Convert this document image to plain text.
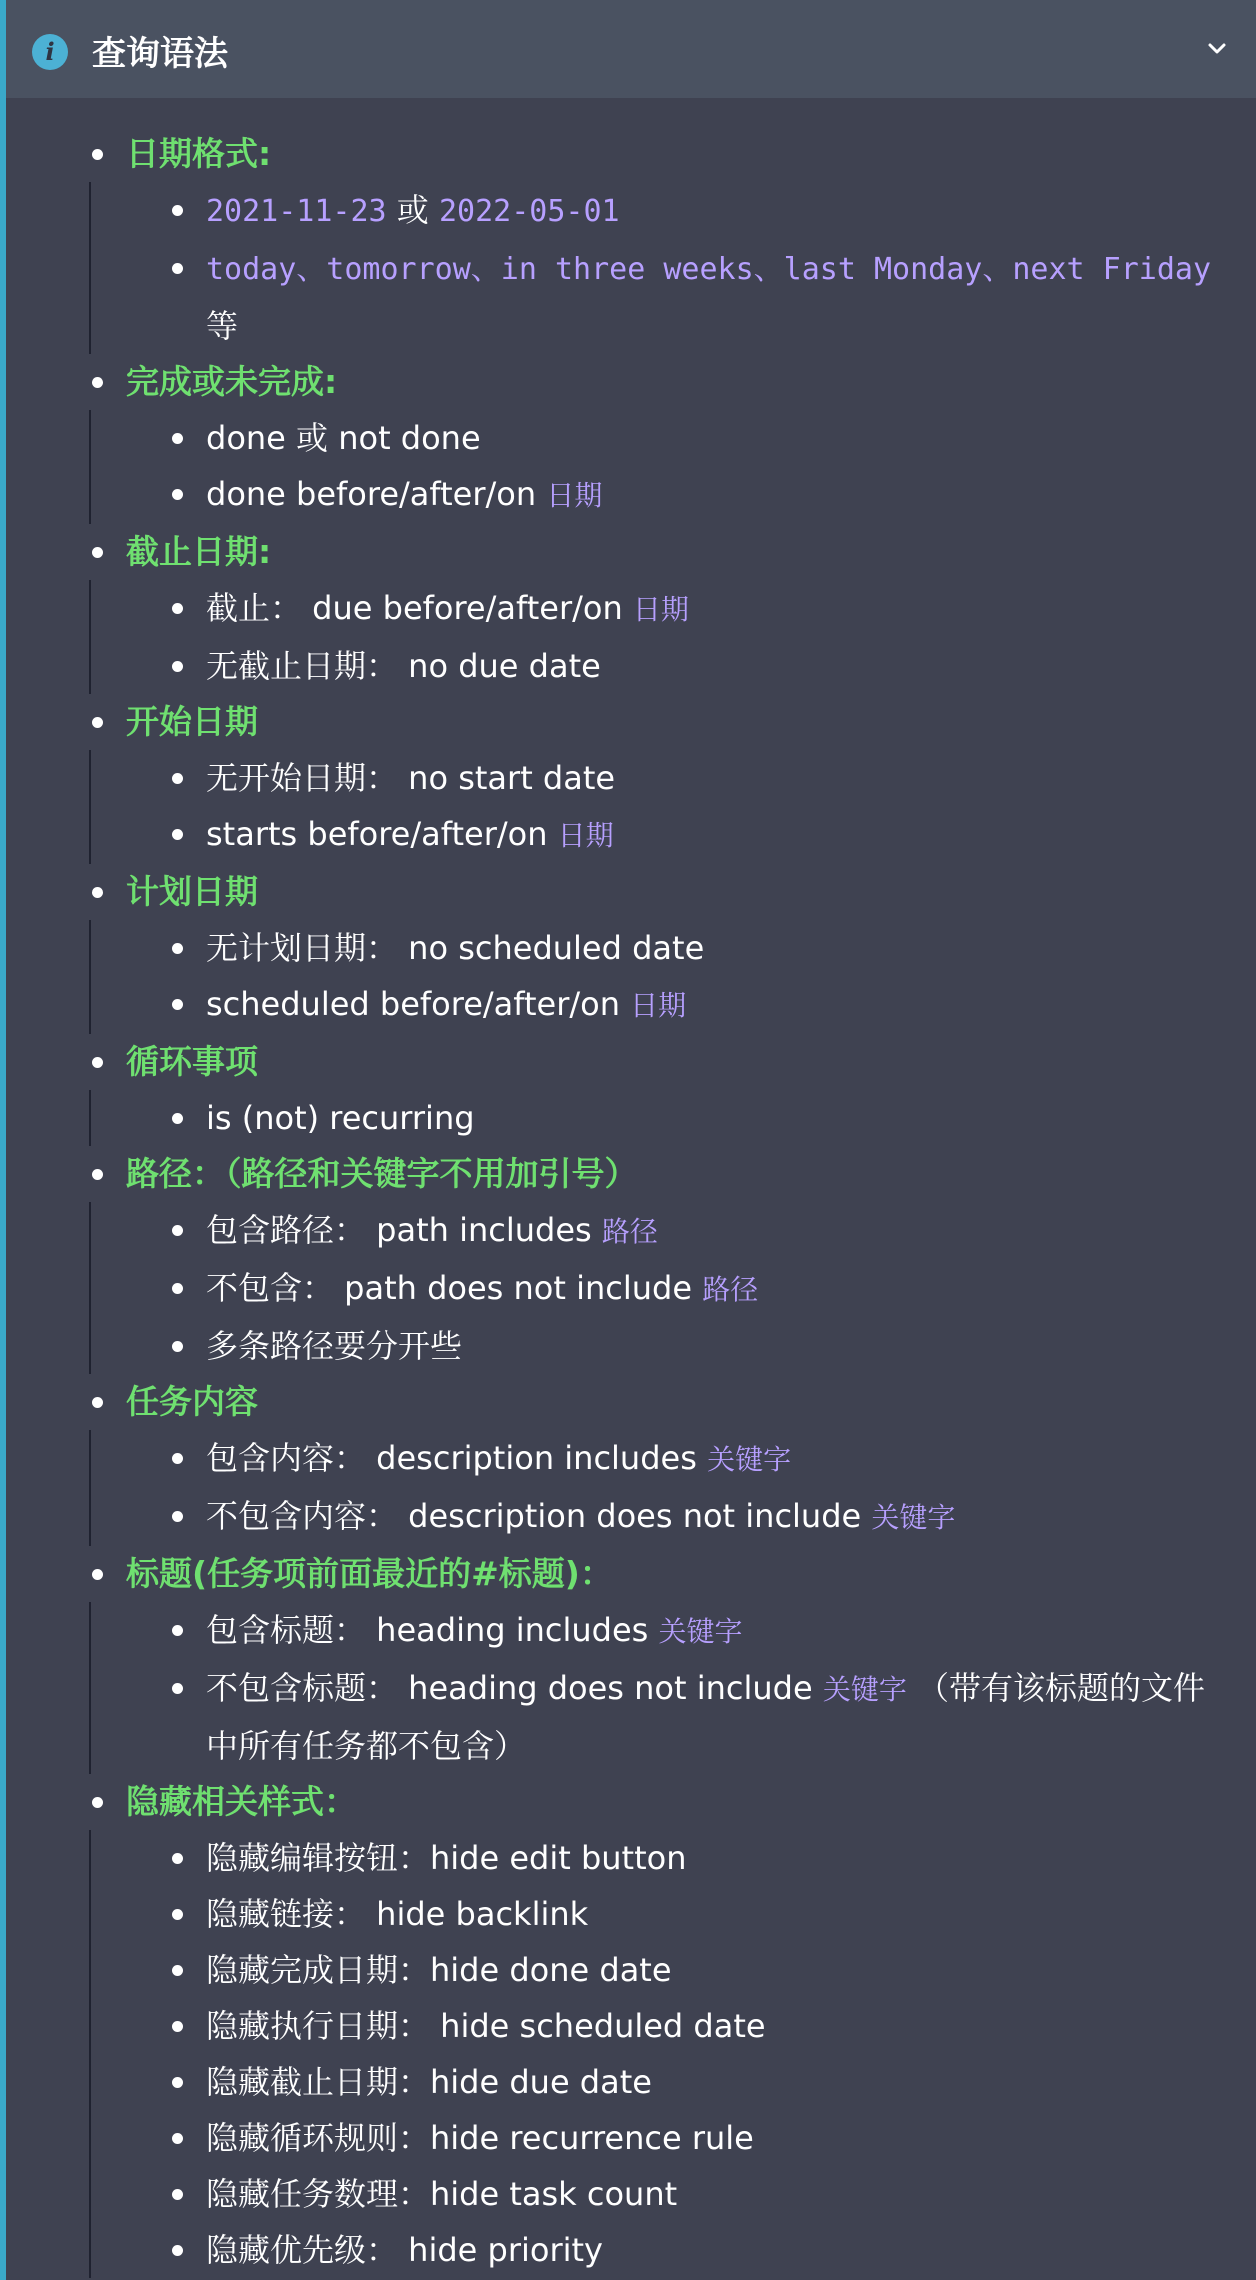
i	查询语法
日期格式:
2021-11-23 或 2022-05-01
today、tomorrow、in three weeks、last Monday、next Friday 等
完成或未完成:
done 或 not done
done before/after/on 日期
截止日期:
截止： due before/after/on 日期
无截止日期： no due date
开始日期
无开始日期： no start date
starts before/after/on 日期
计划日期
无计划日期： no scheduled date
scheduled before/after/on 日期
循环事项
is (not) recurring
路径：（路径和关键字不用加引号）
包含路径： path includes 路径
不包含： path does not include 路径
多条路径要分开些
任务内容
包含内容： description includes 关键字
不包含内容： description does not include 关键字
标题(任务项前面最近的#标题)：
包含标题： heading includes 关键字
不包含标题： heading does not include 关键字 （带有该标题的文件中所有任务都不包含）
隐藏相关样式：
隐藏编辑按钮：hide edit button
隐藏链接： hide backlink
隐藏完成日期：hide done date
隐藏执行日期： hide scheduled date
隐藏截止日期：hide due date
隐藏循环规则：hide recurrence rule
隐藏任务数理：hide task count
隐藏优先级： hide priority
